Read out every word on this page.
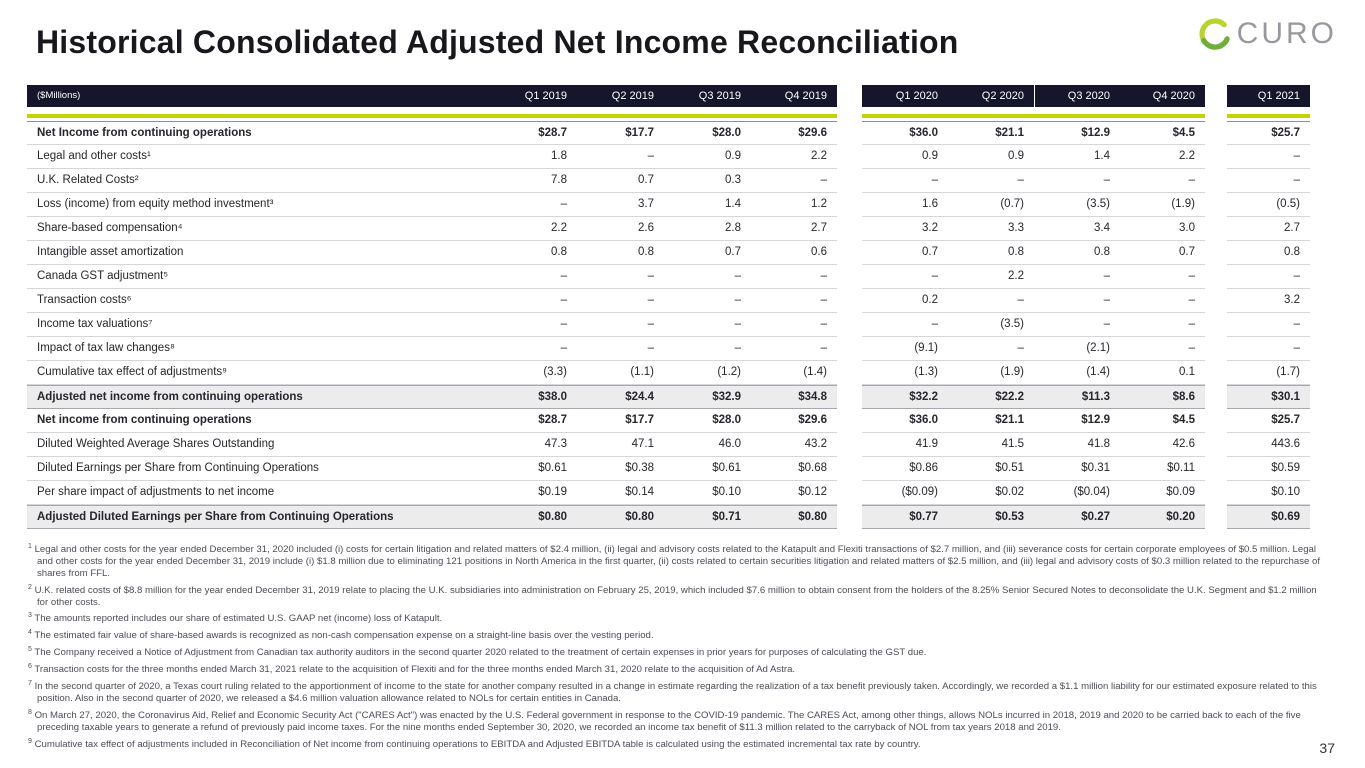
Historical Consolidated Adjusted Net Income Reconciliation	CURO
($Millions)	Q1 2019	Q2 2019	Q3 2019	Q4 2019	Q1 2020	Q2 2020	Q3 2020	Q4 2020	Q1 2021
Net Income from continuing operations	$28.7	$17.7	$28.0	$29.6	$36.0	$21.1	$12.9	$4.5	$25.7
Legal and other costs¹	1.8	–	0.9	2.2	0.9	0.9	1.4	2.2	–
U.K. Related Costs²	7.8	0.7	0.3	–	–	–	–	–	–
Loss (income) from equity method investment³	–	3.7	1.4	1.2	1.6	(0.7)	(3.5)	(1.9)	(0.5)
Share-based compensation⁴	2.2	2.6	2.8	2.7	3.2	3.3	3.4	3.0	2.7
Intangible asset amortization	0.8	0.8	0.7	0.6	0.7	0.8	0.8	0.7	0.8
Canada GST adjustment⁵	–	–	–	–	–	2.2	–	–	–
Transaction costs⁶	–	–	–	–	0.2	–	–	–	3.2
Income tax valuations⁷	–	–	–	–	–	(3.5)	–	–	–
Impact of tax law changes⁸	–	–	–	–	(9.1)	–	(2.1)	–	–
Cumulative tax effect of adjustments⁹	(3.3)	(1.1)	(1.2)	(1.4)	(1.3)	(1.9)	(1.4)	0.1	(1.7)
Adjusted net income from continuing operations	$38.0	$24.4	$32.9	$34.8	$32.2	$22.2	$11.3	$8.6	$30.1
Net income from continuing operations	$28.7	$17.7	$28.0	$29.6	$36.0	$21.1	$12.9	$4.5	$25.7
Diluted Weighted Average Shares Outstanding	47.3	47.1	46.0	43.2	41.9	41.5	41.8	42.6	443.6
Diluted Earnings per Share from Continuing Operations	$0.61	$0.38	$0.61	$0.68	$0.86	$0.51	$0.31	$0.11	$0.59
Per share impact of adjustments to net income	$0.19	$0.14	$0.10	$0.12	($0.09)	$0.02	($0.04)	$0.09	$0.10
Adjusted Diluted Earnings per Share from Continuing Operations	$0.80	$0.80	$0.71	$0.80	$0.77	$0.53	$0.27	$0.20	$0.69
$^1$ Legal and other costs for the year ended December 31, 2020 included (i) costs for certain litigation and related matters of $2.4 million, (ii) legal and advisory costs related to the Katapult and Flexiti transactions of $2.7 million, and (iii) severance costs for certain corporate employees of $0.5 million. Legal and other costs for the year ended December 31, 2019 include (i) $1.8 million due to eliminating 121 positions in North America in the first quarter, (ii) costs related to certain securities litigation and related matters of $2.5 million, and (iii) legal and advisory costs of $0.3 million related to the repurchase of shares from FFL.
$^2$ U.K. related costs of $8.8 million for the year ended December 31, 2019 relate to placing the U.K. subsidiaries into administration on February 25, 2019, which included $7.6 million to obtain consent from the holders of the 8.25% Senior Secured Notes to deconsolidate the U.K. Segment and $1.2 million for other costs.
$^3$ The amounts reported includes our share of estimated U.S. GAAP net (income) loss of Katapult.
$^4$ The estimated fair value of share-based awards is recognized as non-cash compensation expense on a straight-line basis over the vesting period.
$^5$ The Company received a Notice of Adjustment from Canadian tax authority auditors in the second quarter 2020 related to the treatment of certain expenses in prior years for purposes of calculating the GST due.
$^6$ Transaction costs for the three months ended March 31, 2021 relate to the acquisition of Flexiti and for the three months ended March 31, 2020 relate to the acquisition of Ad Astra.
$^7$ In the second quarter of 2020, a Texas court ruling related to the apportionment of income to the state for another company resulted in a change in estimate regarding the realization of a tax benefit previously taken. Accordingly, we recorded a $1.1 million liability for our estimated exposure related to this position. Also in the second quarter of 2020, we released a $4.6 million valuation allowance related to NOLs for certain entities in Canada.
$^8$ On March 27, 2020, the Coronavirus Aid, Relief and Economic Security Act ("CARES Act") was enacted by the U.S. Federal government in response to the COVID-19 pandemic. The CARES Act, among other things, allows NOLs incurred in 2018, 2019 and 2020 to be carried back to each of the five preceding taxable years to generate a refund of previously paid income taxes. For the nine months ended September 30, 2020, we recorded an income tax benefit of $11.3 million related to the carryback of NOL from tax years 2018 and 2019.
$^9$ Cumulative tax effect of adjustments included in Reconciliation of Net income from continuing operations to EBITDA and Adjusted EBITDA table is calculated using the estimated incremental tax rate by country.	37
